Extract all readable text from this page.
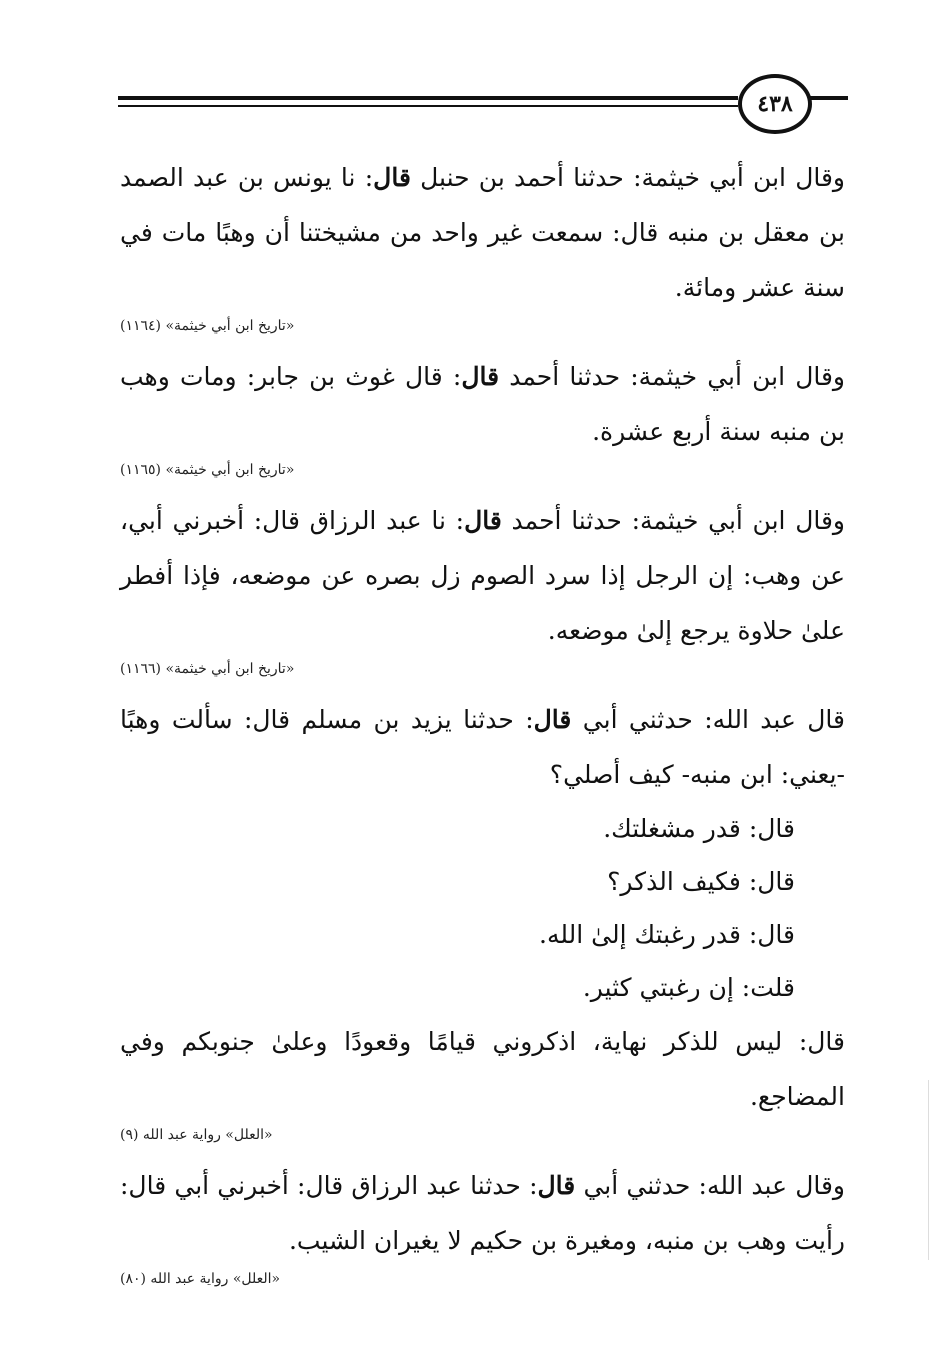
٤٣٨

وقال ابن أبي خيثمة: حدثنا أحمد بن حنبل قال: نا يونس بن عبد الصمد بن معقل بن منبه قال: سمعت غير واحد من مشيختنا أن وهبًا مات في سنة عشر ومائة.

«تاريخ ابن أبي خيثمة» (١١٦٤)

وقال ابن أبي خيثمة: حدثنا أحمد قال: قال غوث بن جابر: ومات وهب بن منبه سنة أربع عشرة.

«تاريخ ابن أبي خيثمة» (١١٦٥)

وقال ابن أبي خيثمة: حدثنا أحمد قال: نا عبد الرزاق قال: أخبرني أبي، عن وهب: إن الرجل إذا سرد الصوم زل بصره عن موضعه، فإذا أفطر علىٰ حلاوة يرجع إلىٰ موضعه.

«تاريخ ابن أبي خيثمة» (١١٦٦)

قال عبد الله: حدثني أبي قال: حدثنا يزيد بن مسلم قال: سألت وهبًا -يعني: ابن منبه- كيف أصلي؟

قال: قدر مشغلتك.

قال: فكيف الذكر؟

قال: قدر رغبتك إلىٰ الله.

قلت: إن رغبتي كثير.

قال: ليس للذكر نهاية، اذكروني قيامًا وقعودًا وعلىٰ جنوبكم وفي المضاجع.

«العلل» رواية عبد الله (٩)

وقال عبد الله: حدثني أبي قال: حدثنا عبد الرزاق قال: أخبرني أبي قال: رأيت وهب بن منبه، ومغيرة بن حكيم لا يغيران الشيب.

«العلل» رواية عبد الله (٨٠)
